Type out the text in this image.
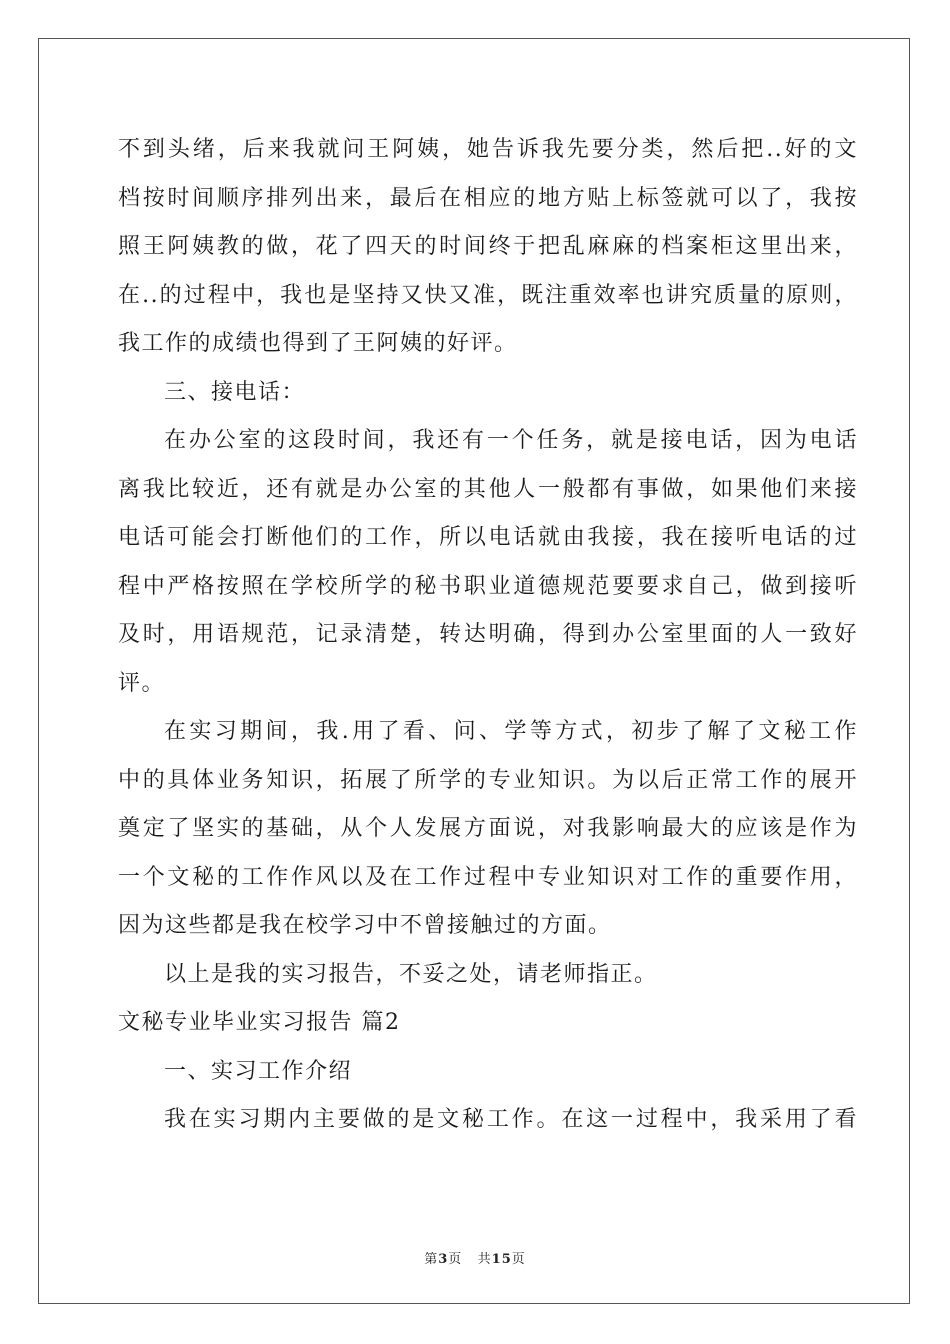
不到头绪，后来我就问王阿姨，她告诉我先要分类，然后把..好的文
档按时间顺序排列出来，最后在相应的地方贴上标签就可以了，我按
照王阿姨教的做，花了四天的时间终于把乱麻麻的档案柜这里出来，
在..的过程中，我也是坚持又快又准，既注重效率也讲究质量的原则，
我工作的成绩也得到了王阿姨的好评。
三、接电话：
在办公室的这段时间，我还有一个任务，就是接电话，因为电话
离我比较近，还有就是办公室的其他人一般都有事做，如果他们来接
电话可能会打断他们的工作，所以电话就由我接，我在接听电话的过
程中严格按照在学校所学的秘书职业道德规范要要求自己，做到接听
及时，用语规范，记录清楚，转达明确，得到办公室里面的人一致好
评。
在实习期间，我.用了看、问、学等方式，初步了解了文秘工作
中的具体业务知识，拓展了所学的专业知识。为以后正常工作的展开
奠定了坚实的基础，从个人发展方面说，对我影响最大的应该是作为
一个文秘的工作作风以及在工作过程中专业知识对工作的重要作用，
因为这些都是我在校学习中不曾接触过的方面。
以上是我的实习报告，不妥之处，请老师指正。
文秘专业毕业实习报告 篇2
一、实习工作介绍
我在实习期内主要做的是文秘工作。在这一过程中，我采用了看
第3页   共15页
